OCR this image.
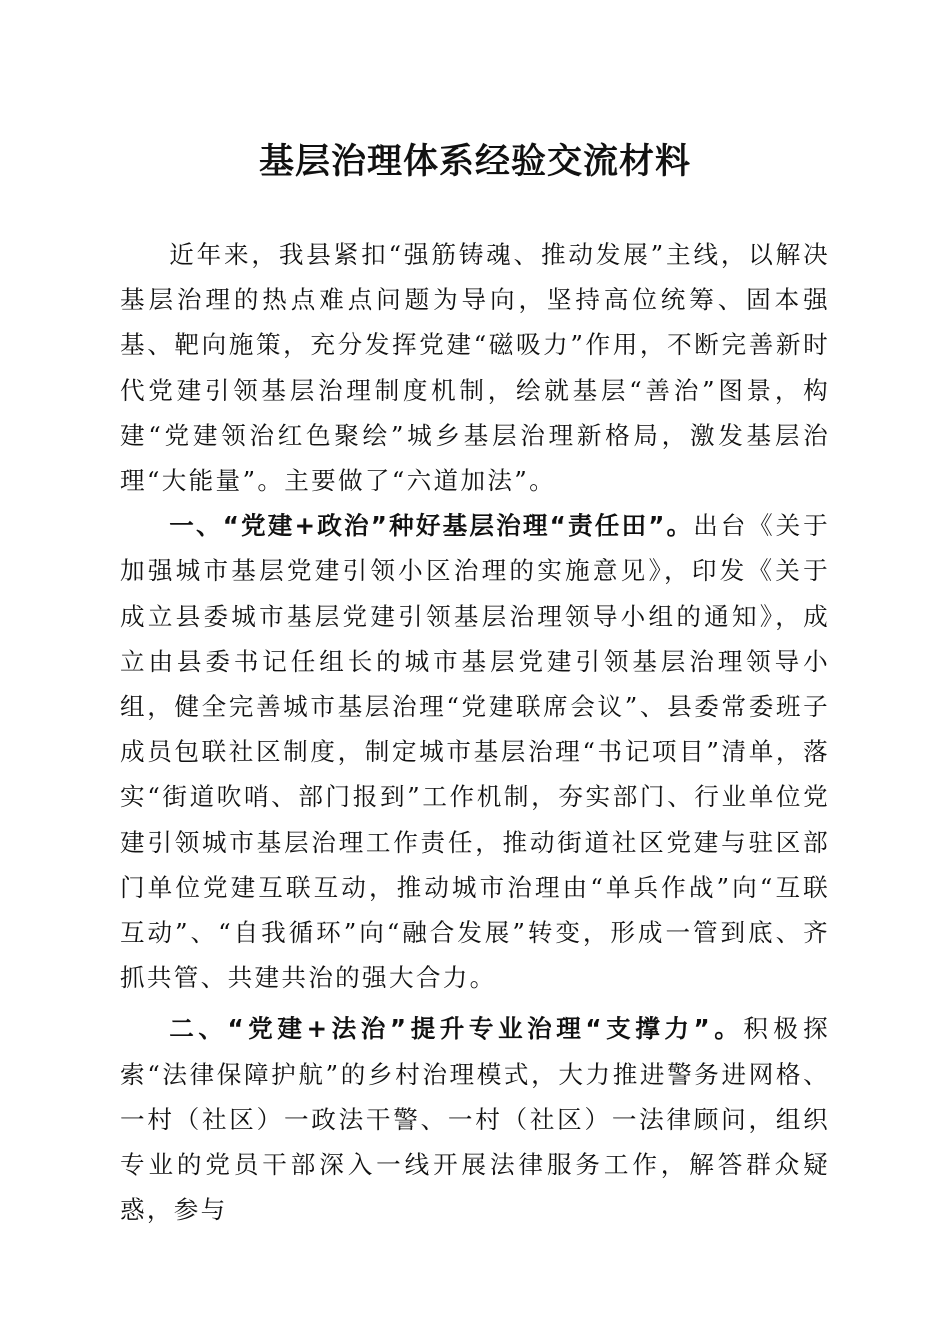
基层治理体系经验交流材料

近年来，我县紧扣“强筋铸魂、推动发展”主线，以解决基层治理的热点难点问题为导向，坚持高位统筹、固本强基、靶向施策，充分发挥党建“磁吸力”作用，不断完善新时代党建引领基层治理制度机制，绘就基层“善治”图景，构建“党建领治红色聚绘”城乡基层治理新格局，激发基层治理“大能量”。主要做了“六道加法”。

一、“党建+政治”种好基层治理“责任田”。出台《关于加强城市基层党建引领小区治理的实施意见》，印发《关于成立县委城市基层党建引领基层治理领导小组的通知》，成立由县委书记任组长的城市基层党建引领基层治理领导小组，健全完善城市基层治理“党建联席会议”、县委常委班子成员包联社区制度，制定城市基层治理“书记项目”清单，落实“街道吹哨、部门报到”工作机制，夯实部门、行业单位党建引领城市基层治理工作责任，推动街道社区党建与驻区部门单位党建互联互动，推动城市治理由“单兵作战”向“互联互动”、“自我循环”向“融合发展”转变，形成一管到底、齐抓共管、共建共治的强大合力。

二、“党建+法治”提升专业治理“支撑力”。积极探索“法律保障护航”的乡村治理模式，大力推进警务进网格、一村（社区）一政法干警、一村（社区）一法律顾问，组织专业的党员干部深入一线开展法律服务工作，解答群众疑惑，参与
